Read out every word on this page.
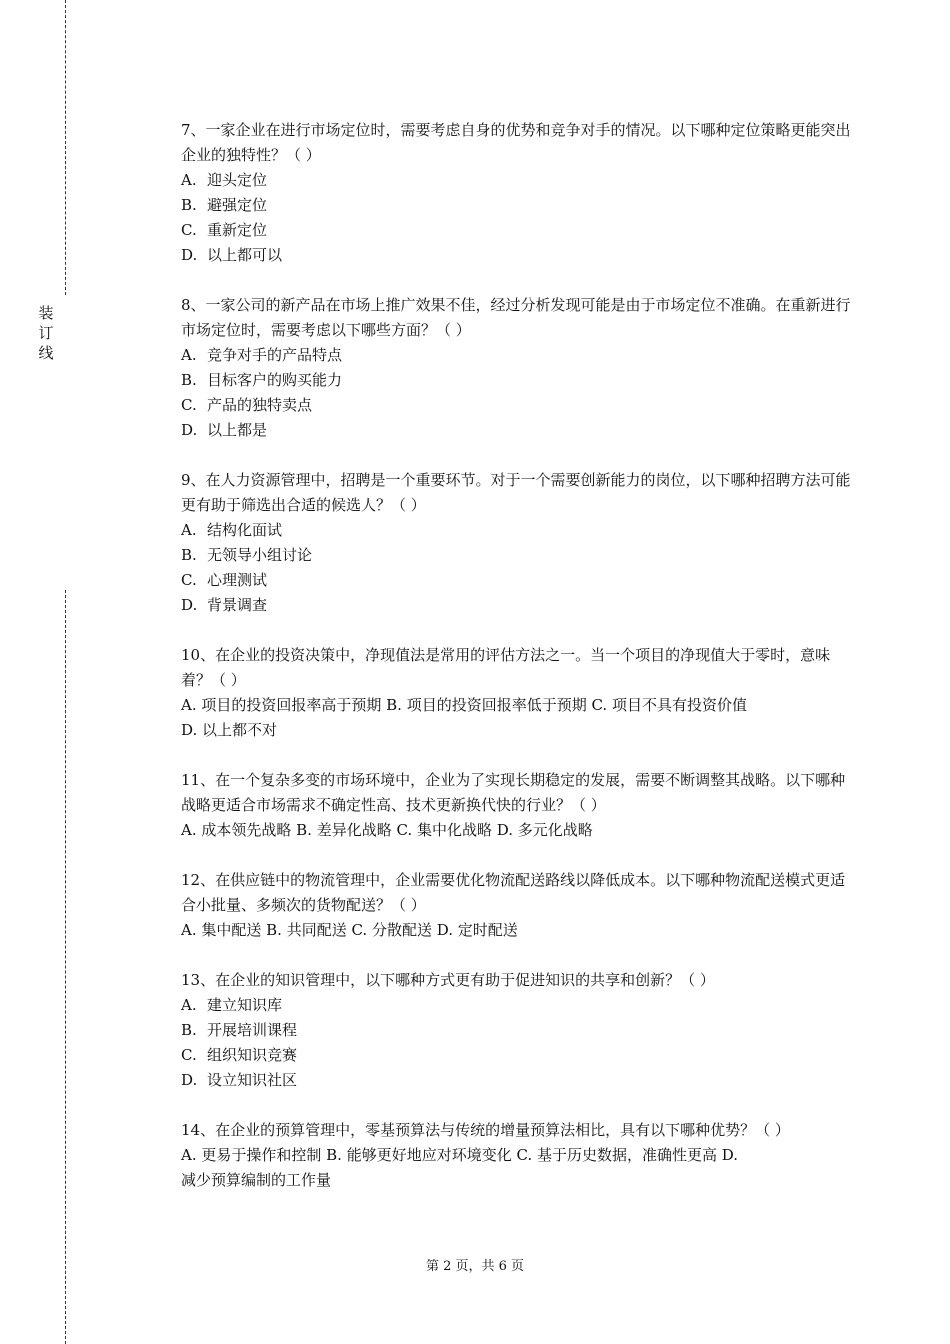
装
订
线

7、一家企业在进行市场定位时，需要考虑自身的优势和竞争对手的情况。以下哪种定位策略更能突出企业的独特性？（ ）

A. 迎头定位

B. 避强定位

C. 重新定位

D. 以上都可以

8、一家公司的新产品在市场上推广效果不佳，经过分析发现可能是由于市场定位不准确。在重新进行市场定位时，需要考虑以下哪些方面？（ ）

A. 竞争对手的产品特点

B. 目标客户的购买能力

C. 产品的独特卖点

D. 以上都是

9、在人力资源管理中，招聘是一个重要环节。对于一个需要创新能力的岗位，以下哪种招聘方法可能更有助于筛选出合适的候选人？（ ）

A. 结构化面试

B. 无领导小组讨论

C. 心理测试

D. 背景调查

10、在企业的投资决策中，净现值法是常用的评估方法之一。当一个项目的净现值大于零时，意味着？（ ）

A. 项目的投资回报率高于预期 B. 项目的投资回报率低于预期 C. 项目不具有投资价值

D. 以上都不对

11、在一个复杂多变的市场环境中，企业为了实现长期稳定的发展，需要不断调整其战略。以下哪种战略更适合市场需求不确定性高、技术更新换代快的行业？（ ）

A. 成本领先战略 B. 差异化战略 C. 集中化战略 D. 多元化战略

12、在供应链中的物流管理中，企业需要优化物流配送路线以降低成本。以下哪种物流配送模式更适合小批量、多频次的货物配送？（ ）

A. 集中配送 B. 共同配送 C. 分散配送 D. 定时配送

13、在企业的知识管理中，以下哪种方式更有助于促进知识的共享和创新？（ ）

A. 建立知识库

B. 开展培训课程

C. 组织知识竞赛

D. 设立知识社区

14、在企业的预算管理中，零基预算法与传统的增量预算法相比，具有以下哪种优势？（ ）

A. 更易于操作和控制 B. 能够更好地应对环境变化 C. 基于历史数据，准确性更高 D.

减少预算编制的工作量

第 2 页，共 6 页
